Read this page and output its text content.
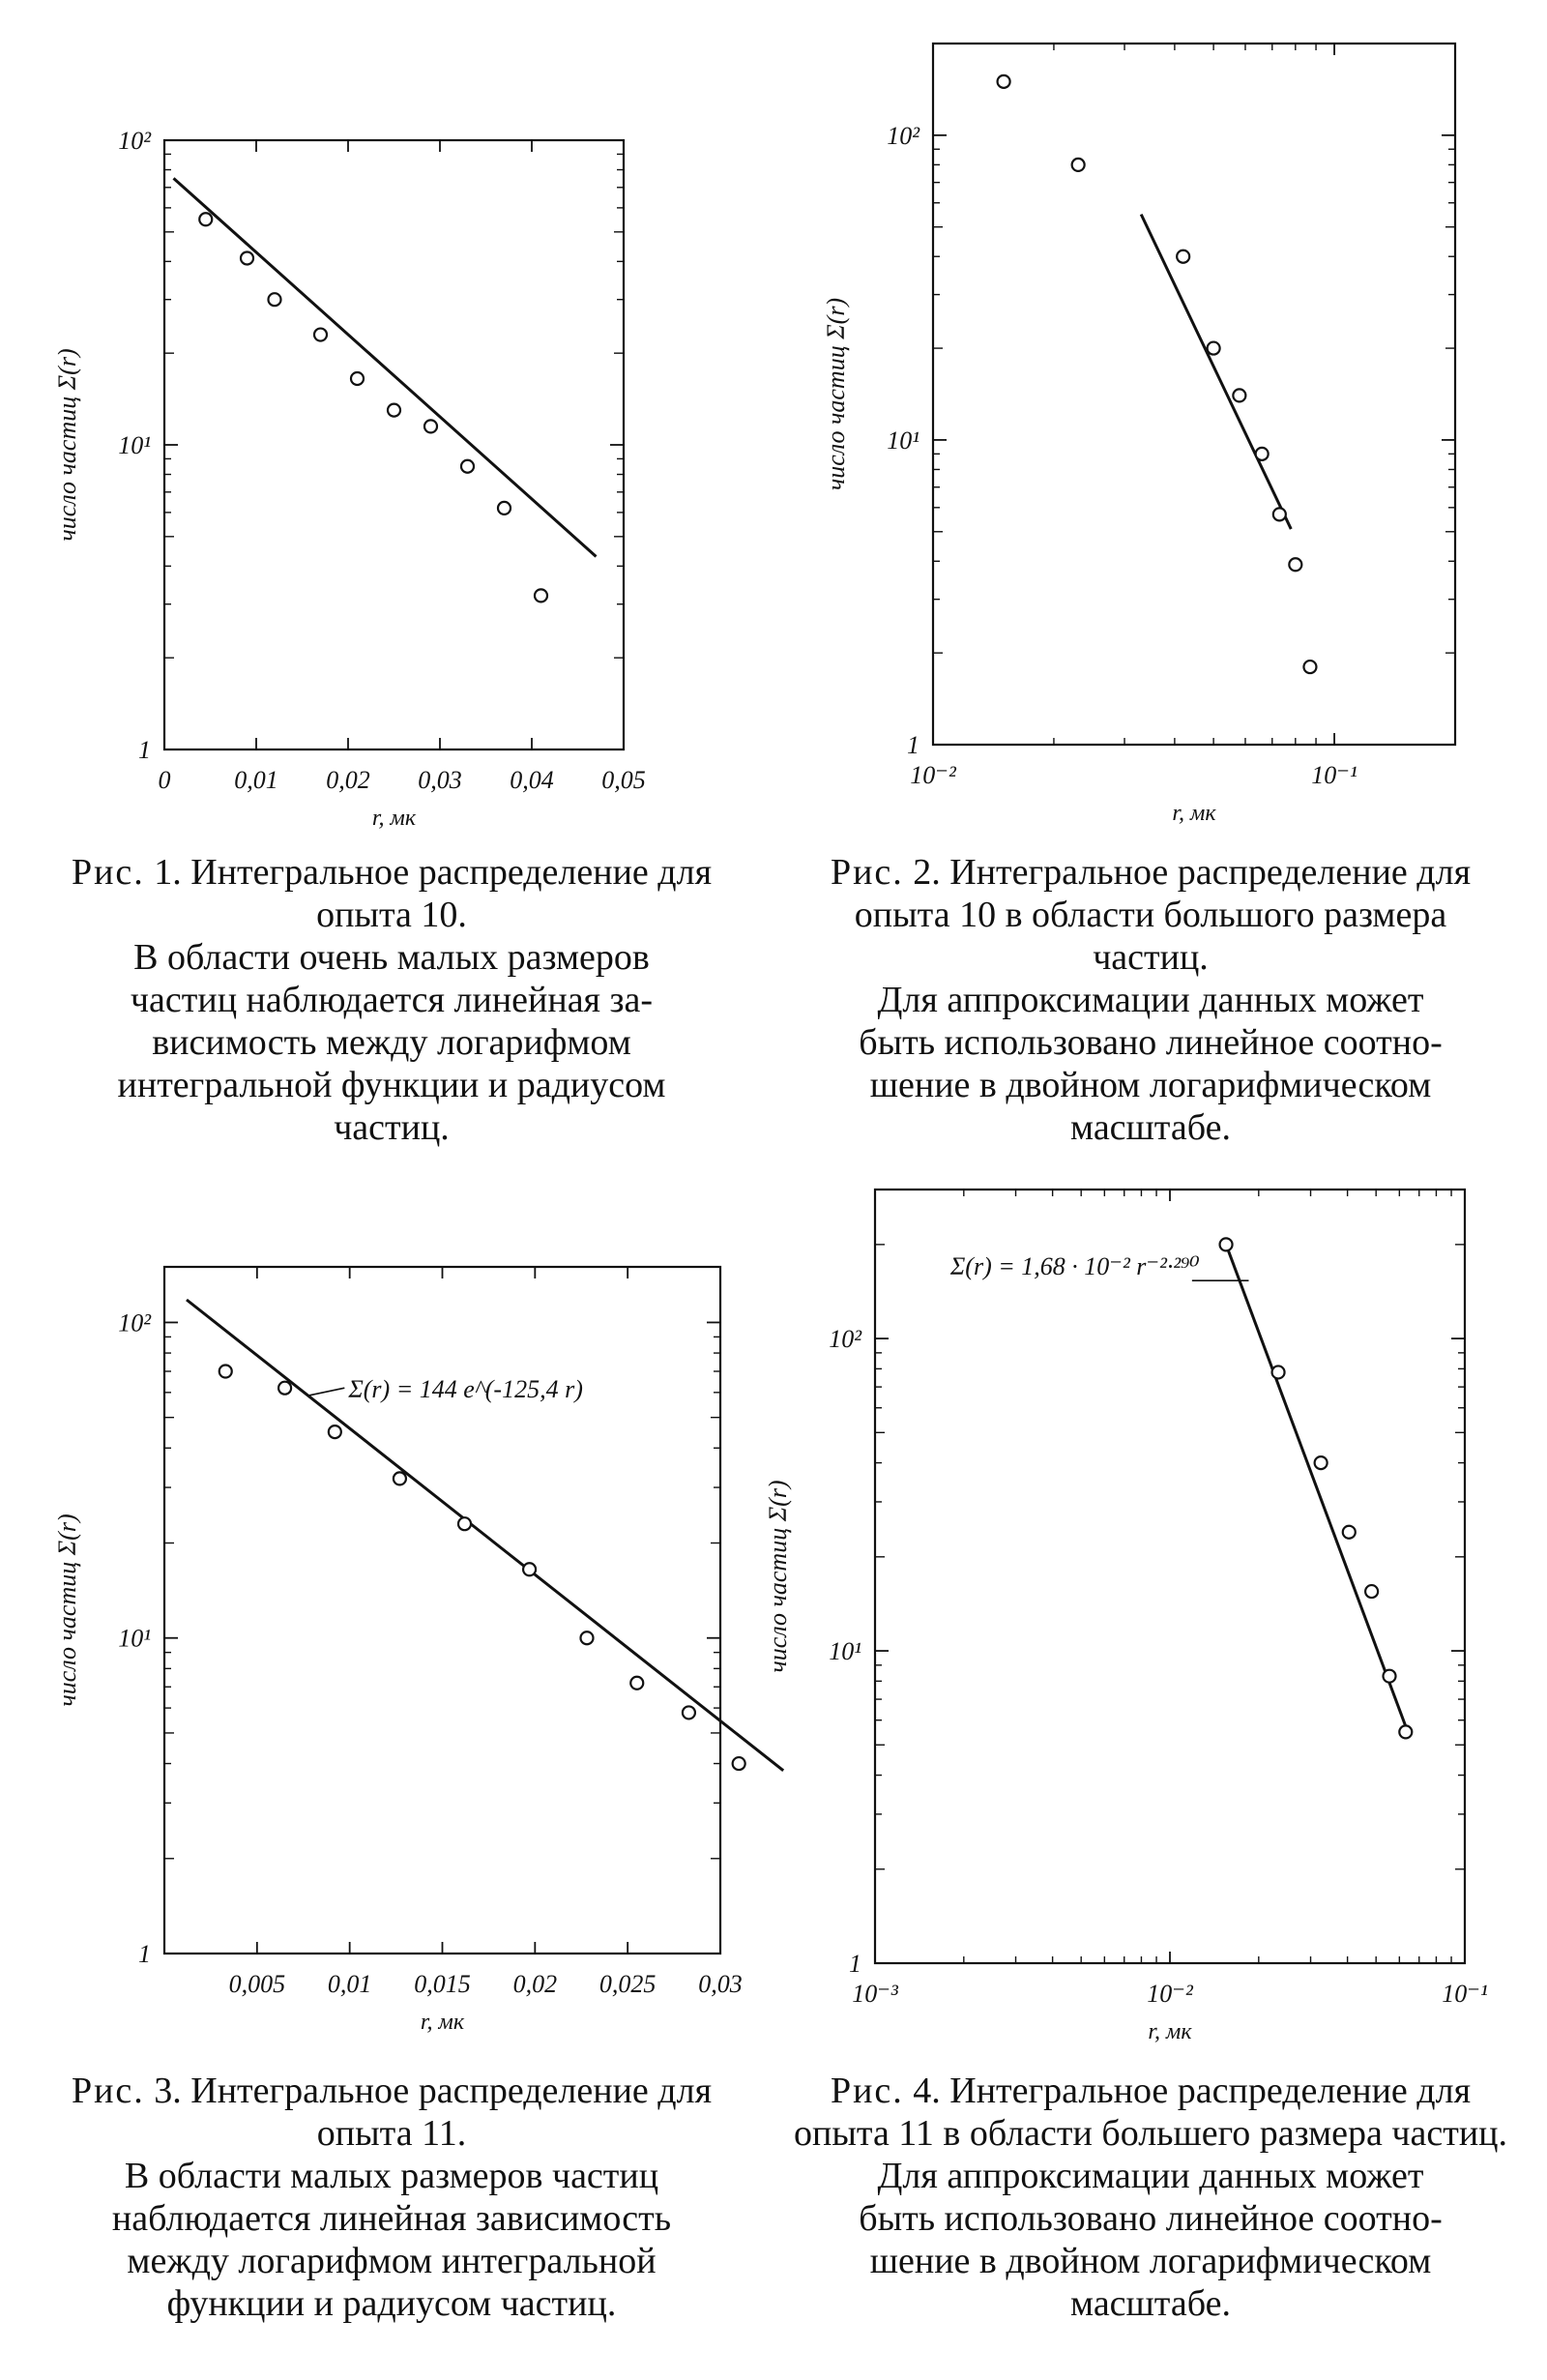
0	0,01 0,02 0,03 0,04 0,05
1
10¹
10²
r, мк
число частиц Σ(r)
10⁻²	10⁻¹
1
10¹
10²
r, мк
число частиц Σ(r)
0,005 0,01 0,015 0,02 0,025 0,03
1
10¹
10²
r, мк
число частиц Σ(r)
Σ(r) = 144 e^(-125,4 r)
10⁻³	10⁻²	10⁻¹
1
10¹
10²
r, мк
число частиц Σ(r)
Σ(r) = 1,68 · 10⁻² r⁻²·²⁹⁰
Рис. 1. Интегральное распределение для опыта 10.
В области очень малых размеров
частиц наблюдается линейная за-
висимость между логарифмом
интегральной функции и радиусом
частиц.
Рис. 2. Интегральное распределение для опыта 10 в области большого размера частиц.
Для аппроксимации данных может
быть использовано линейное соотно-
шение в двойном логарифмическом
масштабе.
Рис. 3. Интегральное распределение для опыта 11.
В области малых размеров частиц
наблюдается линейная зависимость
между логарифмом интегральной
функции и радиусом частиц.
Рис. 4. Интегральное распределение для опыта 11 в области большего размера частиц.
Для аппроксимации данных может
быть использовано линейное соотно-
шение в двойном логарифмическом
масштабе.
